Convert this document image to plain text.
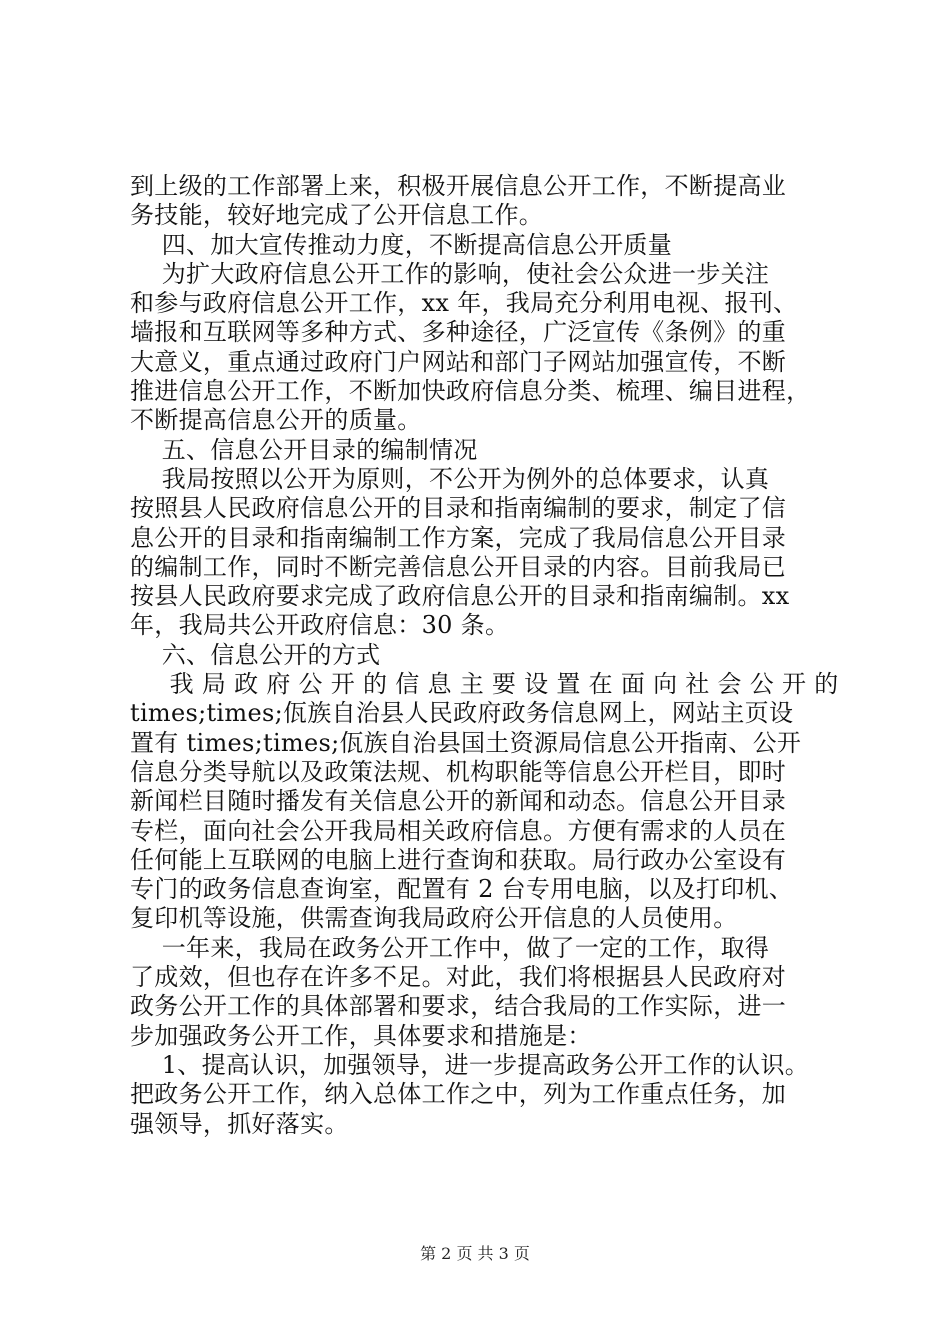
到上级的工作部署上来，积极开展信息公开工作，不断提高业
务技能，较好地完成了公开信息工作。
四、加大宣传推动力度，不断提高信息公开质量
为扩大政府信息公开工作的影响，使社会公众进一步关注
和参与政府信息公开工作，xx 年，我局充分利用电视、报刊、
墙报和互联网等多种方式、多种途径，广泛宣传《条例》的重
大意义，重点通过政府门户网站和部门子网站加强宣传，不断
推进信息公开工作，不断加快政府信息分类、梳理、编目进程，
不断提高信息公开的质量。
五、信息公开目录的编制情况
我局按照以公开为原则，不公开为例外的总体要求，认真
按照县人民政府信息公开的目录和指南编制的要求，制定了信
息公开的目录和指南编制工作方案，完成了我局信息公开目录
的编制工作，同时不断完善信息公开目录的内容。目前我局已
按县人民政府要求完成了政府信息公开的目录和指南编制。xx
年，我局共公开政府信息：30 条。
六、信息公开的方式
我 局 政 府 公 开 的 信 息 主 要 设 置 在 面 向 社 会 公 开 的
times;times;佤族自治县人民政府政务信息网上，网站主页设
置有 times;times;佤族自治县国土资源局信息公开指南、公开
信息分类导航以及政策法规、机构职能等信息公开栏目，即时
新闻栏目随时播发有关信息公开的新闻和动态。信息公开目录
专栏，面向社会公开我局相关政府信息。方便有需求的人员在
任何能上互联网的电脑上进行查询和获取。局行政办公室设有
专门的政务信息查询室，配置有 2 台专用电脑，以及打印机、
复印机等设施，供需查询我局政府公开信息的人员使用。
一年来，我局在政务公开工作中，做了一定的工作，取得
了成效，但也存在许多不足。对此，我们将根据县人民政府对
政务公开工作的具体部署和要求，结合我局的工作实际，进一
步加强政务公开工作，具体要求和措施是：
1、提高认识，加强领导，进一步提高政务公开工作的认识。
把政务公开工作，纳入总体工作之中，列为工作重点任务，加
强领导，抓好落实。
第 2 页 共 3 页
